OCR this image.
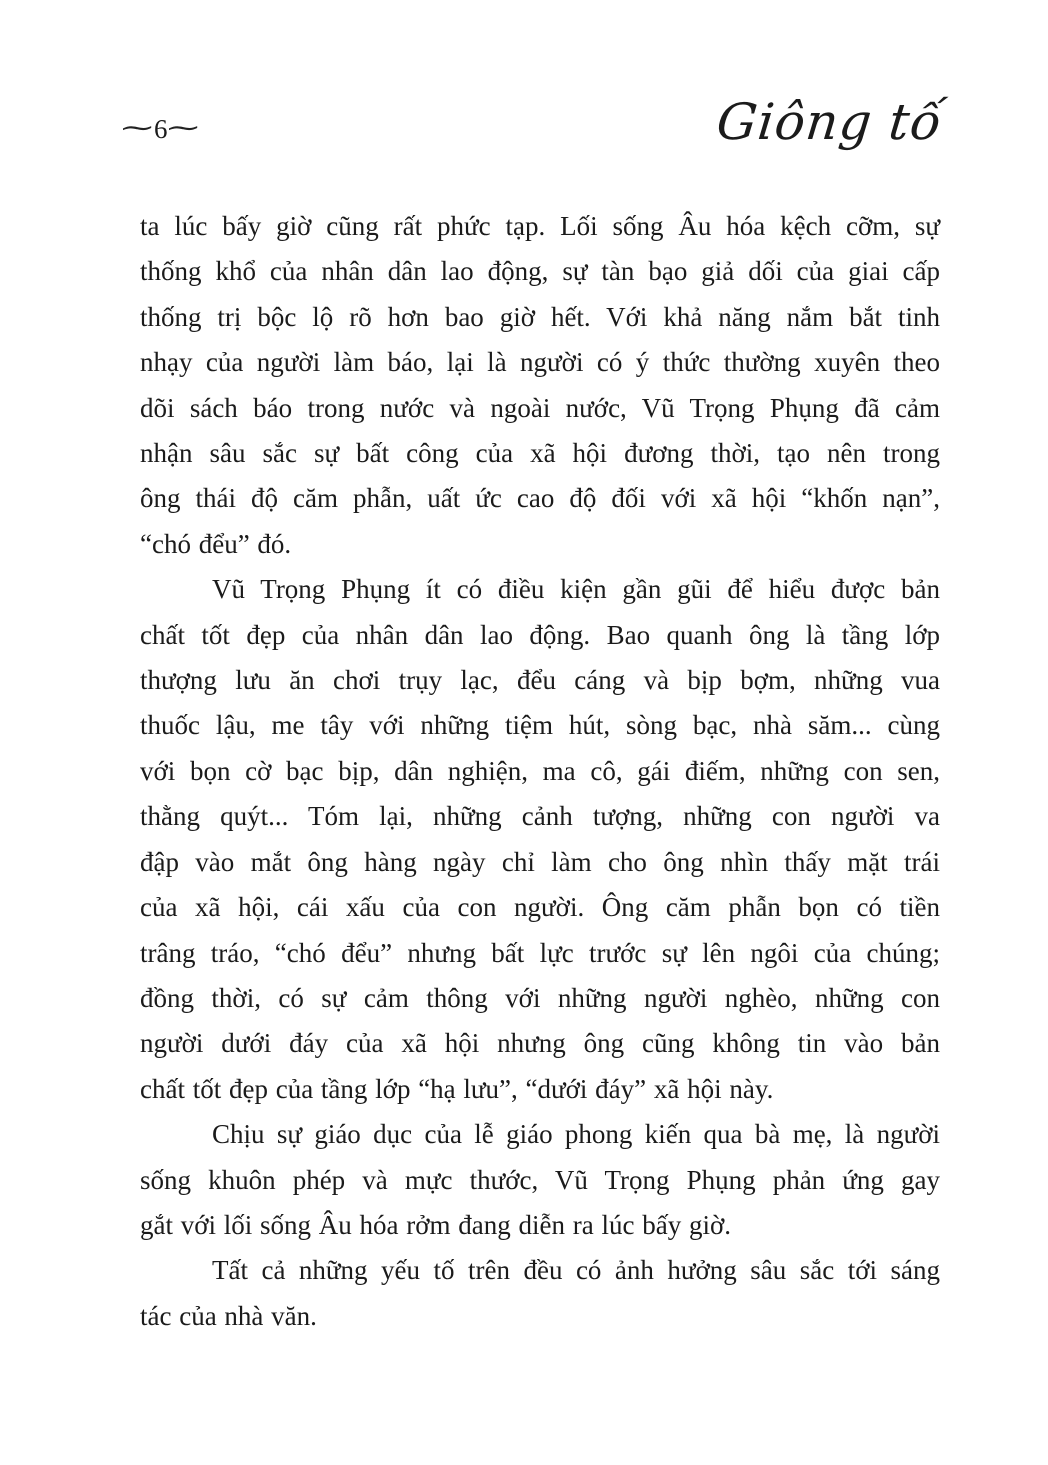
∼6∼	Giông tố
ta lúc bấy giờ cũng rất phức tạp. Lối sống Âu hóa kệch cỡm, sự
thống khổ của nhân dân lao động, sự tàn bạo giả dối của giai cấp
thống trị bộc lộ rõ hơn bao giờ hết. Với khả năng nắm bắt tinh
nhạy của người làm báo, lại là người có ý thức thường xuyên theo
dõi sách báo trong nước và ngoài nước, Vũ Trọng Phụng đã cảm
nhận sâu sắc sự bất công của xã hội đương thời, tạo nên trong
ông thái độ căm phẫn, uất ức cao độ đối với xã hội “khốn nạn”,
“chó đểu” đó.
Vũ Trọng Phụng ít có điều kiện gần gũi để hiểu được bản
chất tốt đẹp của nhân dân lao động. Bao quanh ông là tầng lớp
thượng lưu ăn chơi trụy lạc, đểu cáng và bịp bợm, những vua
thuốc lậu, me tây với những tiệm hút, sòng bạc, nhà săm... cùng
với bọn cờ bạc bịp, dân nghiện, ma cô, gái điếm, những con sen,
thằng quýt... Tóm lại, những cảnh tượng, những con người va
đập vào mắt ông hàng ngày chỉ làm cho ông nhìn thấy mặt trái
của xã hội, cái xấu của con người. Ông căm phẫn bọn có tiền
trâng tráo, “chó đểu” nhưng bất lực trước sự lên ngôi của chúng;
đồng thời, có sự cảm thông với những người nghèo, những con
người dưới đáy của xã hội nhưng ông cũng không tin vào bản
chất tốt đẹp của tầng lớp “hạ lưu”, “dưới đáy” xã hội này.
Chịu sự giáo dục của lễ giáo phong kiến qua bà mẹ, là người
sống khuôn phép và mực thước, Vũ Trọng Phụng phản ứng gay
gắt với lối sống Âu hóa rởm đang diễn ra lúc bấy giờ.
Tất cả những yếu tố trên đều có ảnh hưởng sâu sắc tới sáng
tác của nhà văn.
